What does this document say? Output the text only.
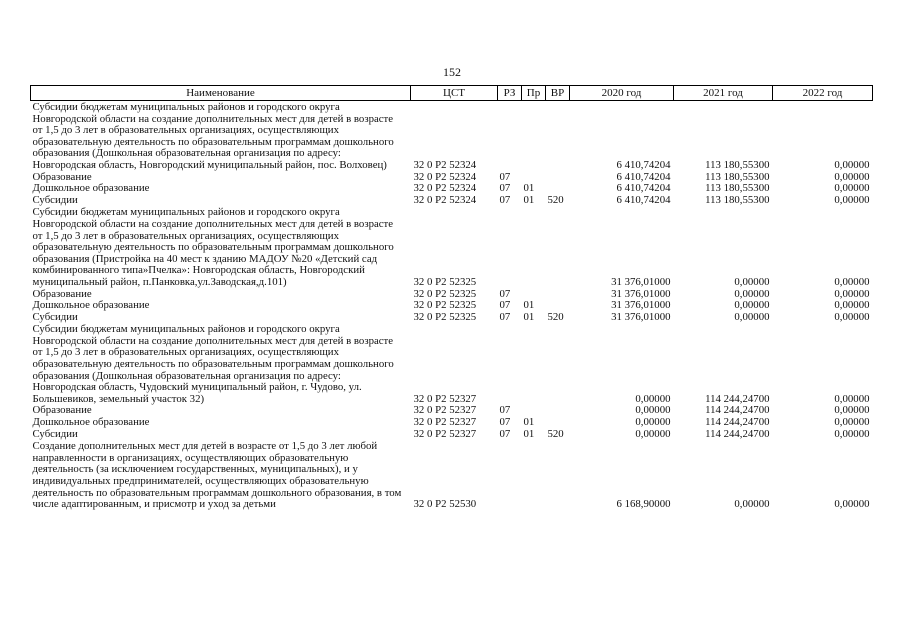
152
Наименование	ЦСТ	РЗ	Пр	ВР	2020 год	2021 год	2022 год
Субсидии бюджетам муниципальных районов и городского округа Новгородской области на создание дополнительных мест для детей в возрасте от 1,5 до 3 лет в образовательных организациях, осуществляющих образовательную деятельность по образовательным программам дошкольного образования (Дошкольная образовательная организация по адресу: Новгородская область, Новгородский муниципальный район, пос. Волховец)	32 0 P2 52324				6 410,74204	113 180,55300	0,00000
Образование	32 0 P2 52324	07			6 410,74204	113 180,55300	0,00000
Дошкольное образование	32 0 P2 52324	07	01		6 410,74204	113 180,55300	0,00000
Субсидии	32 0 P2 52324	07	01	520	6 410,74204	113 180,55300	0,00000
Субсидии бюджетам муниципальных районов и городского округа Новгородской области на создание дополнительных мест для детей в возрасте от 1,5 до 3 лет в образовательных организациях, осуществляющих образовательную деятельность по образовательным программам дошкольного образования (Пристройка на 40 мест к зданию МАДОУ №20 «Детский сад комбинированного типа»Пчелка»: Новгородская область, Новгородский муниципальный район, п.Панковка,ул.Заводская,д.101)	32 0 P2 52325				31 376,01000	0,00000	0,00000
Образование	32 0 P2 52325	07			31 376,01000	0,00000	0,00000
Дошкольное образование	32 0 P2 52325	07	01		31 376,01000	0,00000	0,00000
Субсидии	32 0 P2 52325	07	01	520	31 376,01000	0,00000	0,00000
Субсидии бюджетам муниципальных районов и городского округа Новгородской области на создание дополнительных мест для детей в возрасте от 1,5 до 3 лет в образовательных организациях, осуществляющих образовательную деятельность по образовательным программам дошкольного образования (Дошкольная образовательная организация по адресу: Новгородская область, Чудовский муниципальный район, г. Чудово, ул. Большевиков, земельный участок 32)	32 0 P2 52327				0,00000	114 244,24700	0,00000
Образование	32 0 P2 52327	07			0,00000	114 244,24700	0,00000
Дошкольное образование	32 0 P2 52327	07	01		0,00000	114 244,24700	0,00000
Субсидии	32 0 P2 52327	07	01	520	0,00000	114 244,24700	0,00000
Создание дополнительных мест для детей в возрасте от 1,5 до 3 лет любой направленности в организациях, осуществляющих образовательную деятельность (за исключением государственных, муниципальных), и у индивидуальных предпринимателей, осуществляющих образовательную деятельность по образовательным программам дошкольного образования, в том числе адаптированным, и присмотр и уход за детьми	32 0 P2 52530				6 168,90000	0,00000	0,00000
